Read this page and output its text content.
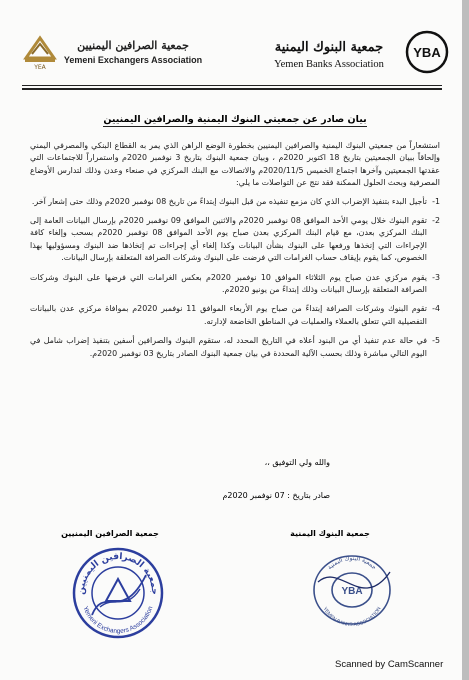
YEA
جمعية الصرافين اليمنيين
Yemeni Exchangers Association
جمعية البنوك اليمنية
Yemen Banks Association
YBA
بيان صادر عن جمعيتي البنوك اليمنية والصرافين اليمنيين

استشعاراً من جمعيتي البنوك اليمنية والصرافين اليمنيين بخطورة الوضع الراهن الذي يمر به القطاع البنكي والمصرفي اليمني وإلحاقاً ببيان الجمعيتين بتاريخ 18 اكتوبر 2020م ، وبيان جمعية البنوك بتاريخ 3 نوفمبر 2020م واستمراراً للاجتماعات التي عقدتها الجمعيتين وآخرها اجتماع الخميس 2020/11/5م والاتصالات مع البنك المركزي في صنعاء وعدن وذلك لتدارس الأوضاع المصرفية وبحث الحلول الممكنة فقد نتج عن التواصلات ما يلي:

1-
تأجيل البدء بتنفيذ الإضراب الذي كان مزمع تنفيذه من قبل البنوك إبتداءً من تاريخ 08 نوفمبر 2020م وذلك حتى إشعار آخر.
2-
تقوم البنوك خلال يومي الأحد الموافق 08 نوفمبر 2020م والاثنين الموافق 09 نوفمبر 2020م بإرسال البيانات العامة إلى البنك المركزي بعدن، مع قيام البنك المركزي بعدن صباح يوم الأحد الموافق 08 نوفمبر 2020م بسحب وإلغاء كافة الإجراءات التي إتخذها ورفعها على البنوك بشأن البيانات وكذا إلغاء أي إجراءات تم إتخاذها ضد البنوك ومسؤوليها بهذا الخصوص، كما يقوم بإيقاف حساب الغرامات التي فرضت على البنوك وشركات الصرافة المتعلقة بإرسال البيانات.
3-
يقوم مركزي عدن صباح يوم الثلاثاء الموافق 10 نوفمبر 2020م بعكس الغرامات التي فرضها على البنوك وشركات الصرافة المتعلقة بإرسال البيانات وذلك إبتداءً من يونيو 2020م.
4-
تقوم البنوك وشركات الصرافة إبتداءً من صباح يوم الأربعاء الموافق 11 نوفمبر 2020م بموافاة مركزي عدن بالبيانات التفصيلية التي تتعلق بالعملاء والعمليات في المناطق الخاضعة لإدارته.
5-
في حالة عدم تنفيذ أي من البنود أعلاه في التاريخ المحدد له، ستقوم البنوك والصرافين أسفين بتنفيذ إضراب شامل في اليوم التالي مباشرة وذلك بحسب الآلية المحددة في بيان جمعية البنوك الصادر بتاريخ 03 نوفمبر 2020م.
والله ولي التوفيق ،،
صادر بتاريخ : 07 نوفمبر 2020م
جمعية الصرافين اليمنيين	جمعية البنوك اليمنية
جمعية الصرافين اليمنيين
Yemeni Exchangers Association
YBA
جمعية البنوك اليمنية
YEMEN BANKS ASSOCIATION
Scanned by CamScanner
